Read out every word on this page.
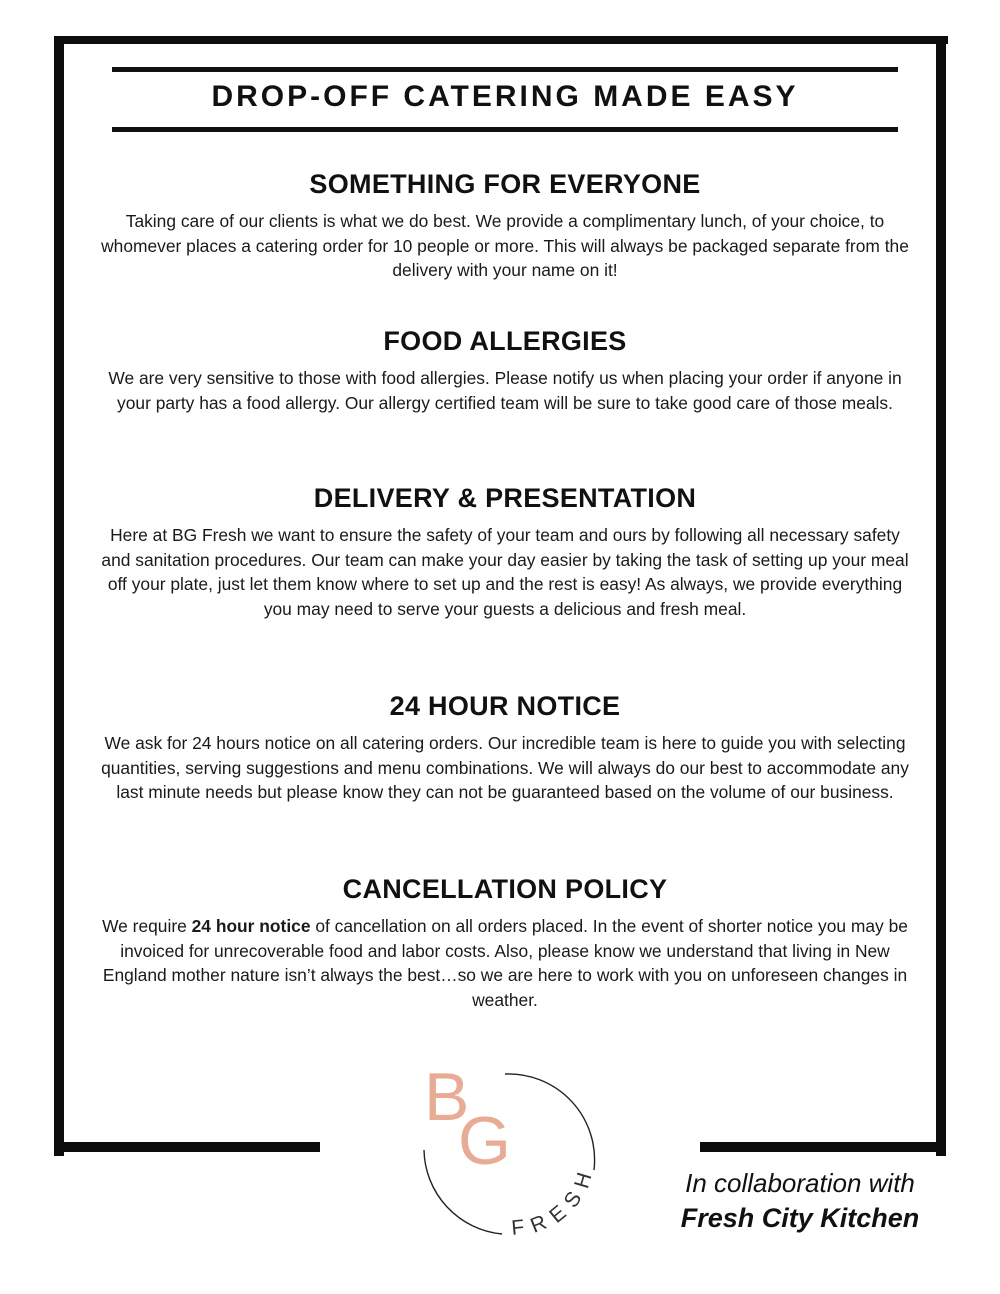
DROP-OFF CATERING MADE EASY
SOMETHING FOR EVERYONE

Taking care of our clients is what we do best. We provide a complimentary lunch, of your choice, to whomever places a catering order for 10 people or more. This will always be packaged separate from the delivery with your name on it!

FOOD ALLERGIES

We are very sensitive to those with food allergies. Please notify us when placing your order if anyone in your party has a food allergy. Our allergy certified team will be sure to take good care of those meals.

DELIVERY & PRESENTATION

Here at BG Fresh we want to ensure the safety of your team and ours by following all necessary safety and sanitation procedures. Our team can make your day easier by taking the task of setting up your meal off your plate, just let them know where to set up and the rest is easy! As always, we provide everything you may need to serve your guests a delicious and fresh meal.

24 HOUR NOTICE

We ask for 24 hours notice on all catering orders. Our incredible team is here to guide you with selecting quantities, serving suggestions and menu combinations. We will always do our best to accommodate any last minute needs but please know they can not be guaranteed based on the volume of our business.

CANCELLATION POLICY

We require 24 hour notice of cancellation on all orders placed. In the event of shorter notice you may be invoiced for unrecoverable food and labor costs. Also, please know we understand that living in New England mother nature isn’t always the best…so we are here to work with you on unforeseen changes in weather.

B
G
FRESH	In collaboration with
Fresh City Kitchen
